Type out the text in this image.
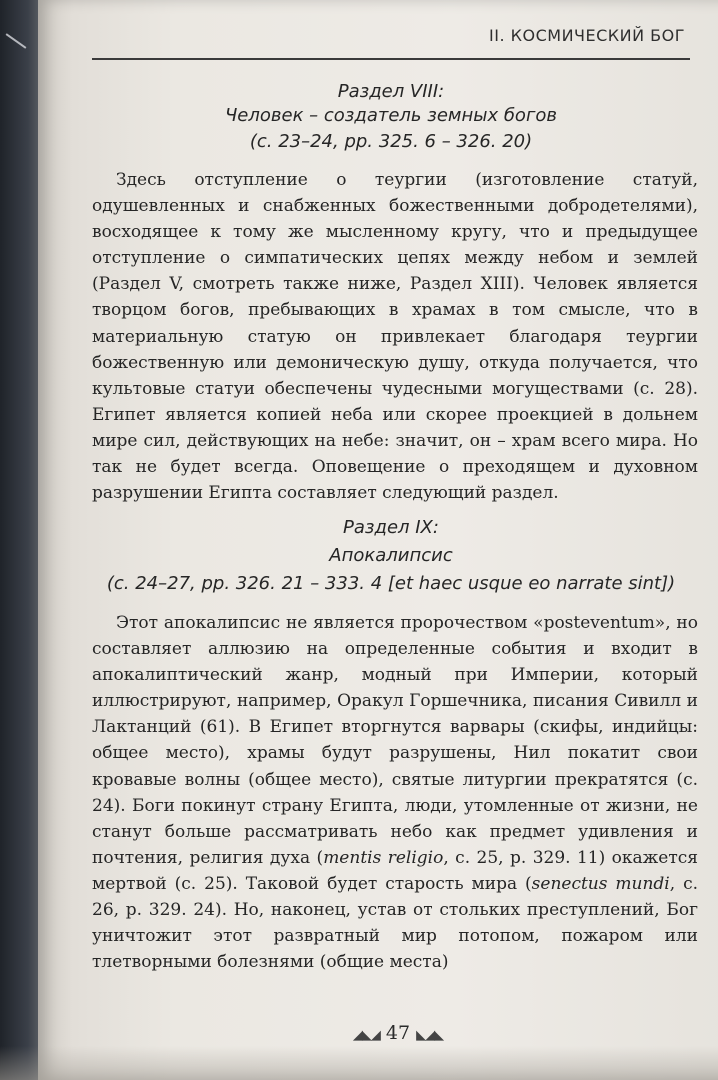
II. КОСМИЧЕСКИЙ БОГ
Раздел VIII:
Человек – создатель земных богов
(с. 23–24, pp. 325. 6 – 326. 20)

Здесь отступление о теургии (изготовление статуй, одушевленных и снабженных божественными добродетелями), восходящее к тому же мысленному кругу, что и предыдущее отступление о симпатических цепях между небом и землей (Раздел V, смотреть также ниже, Раздел XIII). Человек является творцом богов, пребывающих в храмах в том смысле, что в материальную статую он привлекает благодаря теургии божественную или демоническую душу, откуда получается, что культовые статуи обеспечены чудесными могуществами (с. 28). Египет является копией неба или скорее проекцией в дольнем мире сил, действующих на небе: значит, он – храм всего мира. Но так не будет всегда. Оповещение о преходящем и духовном разрушении Египта составляет следующий раздел.

Раздел IX:
Апокалипсис
(с. 24–27, pp. 326. 21 – 333. 4 [et haec usque eo narrate sint])

Этот апокалипсис не является пророчеством «posteventum», но составляет аллюзию на определенные события и входит в апокалиптический жанр, модный при Империи, который иллюстрируют, например, Оракул Горшечника, писания Сивилл и Лактанций (61). В Египет вторгнутся варвары (скифы, индийцы: общее место), храмы будут разрушены, Нил покатит свои кровавые волны (общее место), святые литургии прекратятся (с. 24). Боги покинут страну Египта, люди, утомленные от жизни, не станут больше рассматривать небо как предмет удивления и почтения, религия духа (mentis religio, с. 25, р. 329. 11) окажется мертвой (с. 25). Таковой будет старость мира (senectus mundi, с. 26, р. 329. 24). Но, наконец, устав от стольких преступлений, Бог уничтожит этот развратный мир потопом, пожаром или тлетворными болезнями (общие места)

◢◣◢ 47 ◣◢◣
